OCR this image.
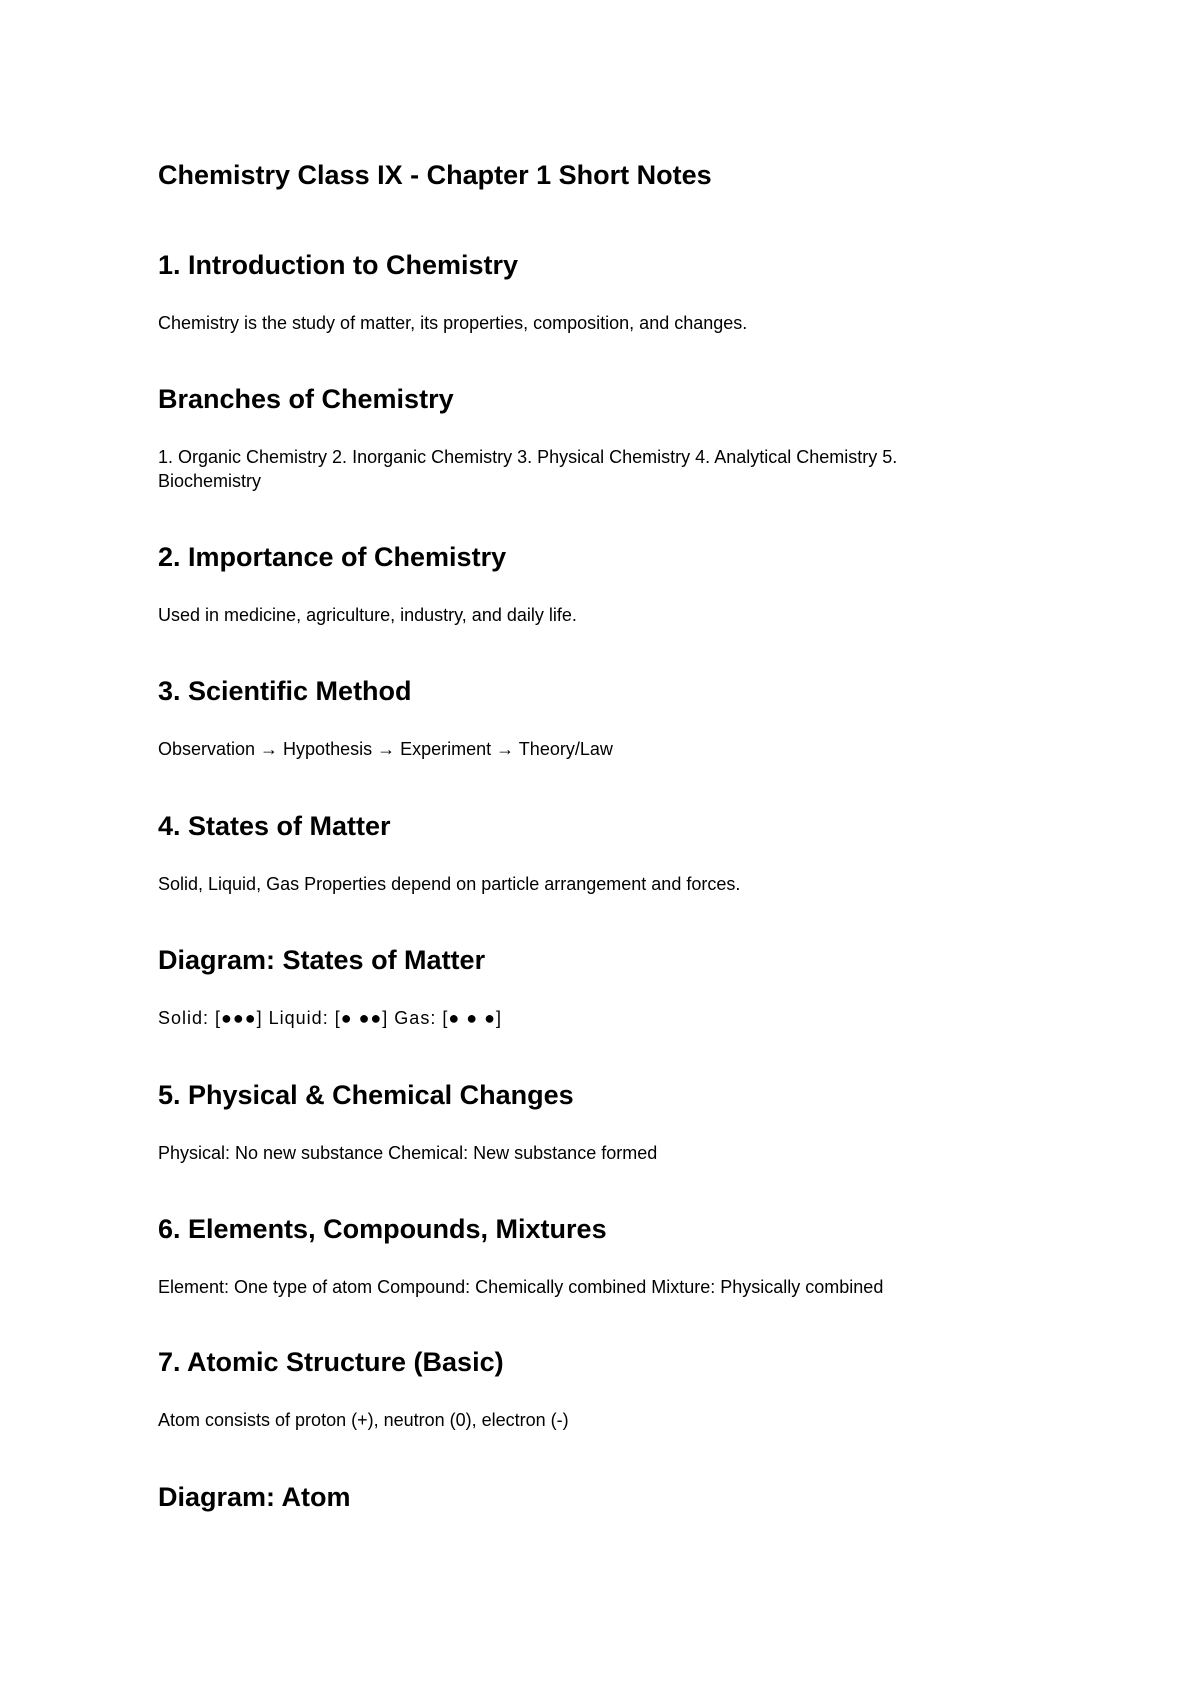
Chemistry Class IX - Chapter 1 Short Notes
1. Introduction to Chemistry

Chemistry is the study of matter, its properties, composition, and changes.

Branches of Chemistry

1. Organic Chemistry 2. Inorganic Chemistry 3. Physical Chemistry 4. Analytical Chemistry 5.
Biochemistry

2. Importance of Chemistry

Used in medicine, agriculture, industry, and daily life.

3. Scientific Method

Observation → Hypothesis → Experiment → Theory/Law

4. States of Matter

Solid, Liquid, Gas Properties depend on particle arrangement and forces.

Diagram: States of Matter

Solid: [●●●] Liquid: [● ●●] Gas: [● ● ●]

5. Physical & Chemical Changes

Physical: No new substance Chemical: New substance formed

6. Elements, Compounds, Mixtures

Element: One type of atom Compound: Chemically combined Mixture: Physically combined

7. Atomic Structure (Basic)

Atom consists of proton (+), neutron (0), electron (-)

Diagram: Atom
